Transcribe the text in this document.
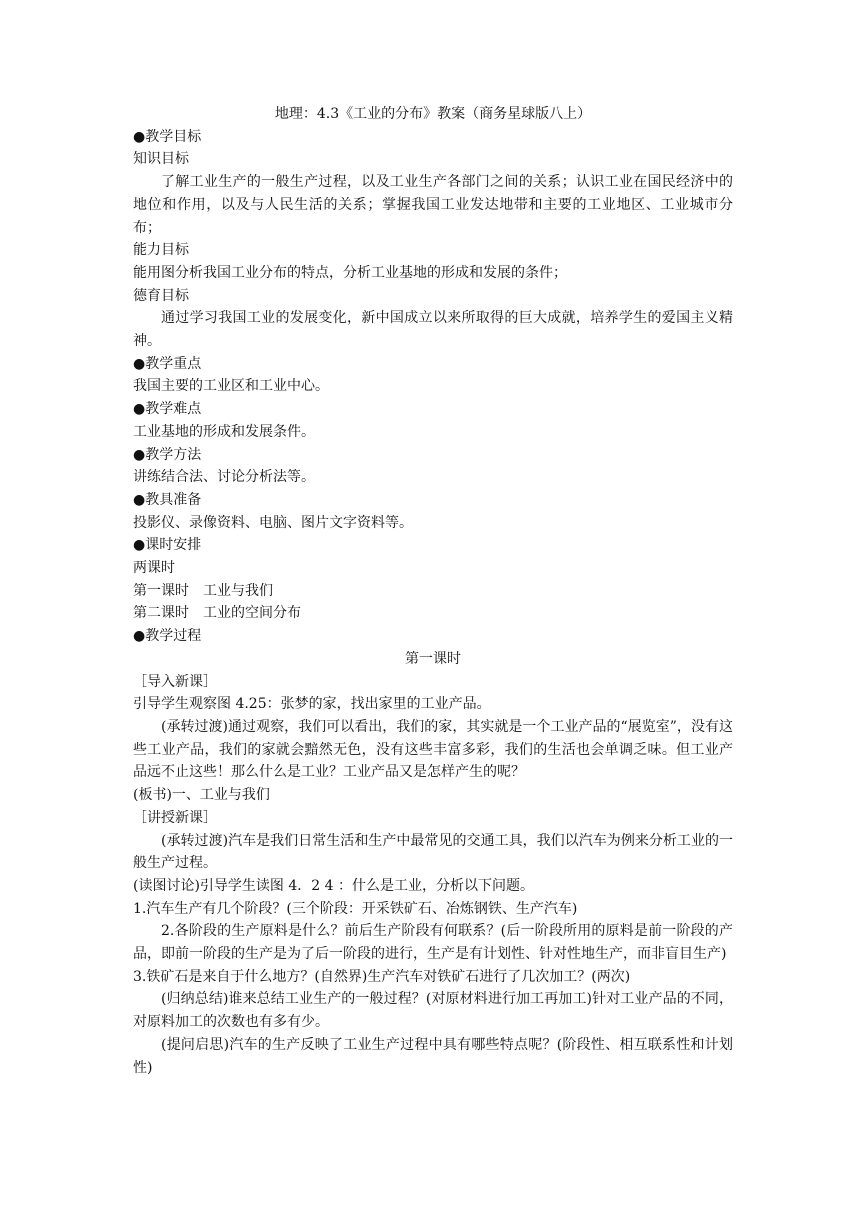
地理：4.3《工业的分布》教案（商务星球版八上）

●教学目标

知识目标

了解工业生产的一般生产过程，以及工业生产各部门之间的关系；认识工业在国民经济中的地位和作用，以及与人民生活的关系；掌握我国工业发达地带和主要的工业地区、工业城市分布；

能力目标

能用图分析我国工业分布的特点，分析工业基地的形成和发展的条件；

德育目标

通过学习我国工业的发展变化，新中国成立以来所取得的巨大成就，培养学生的爱国主义精神。

●教学重点

我国主要的工业区和工业中心。

●教学难点

工业基地的形成和发展条件。

●教学方法

讲练结合法、讨论分析法等。

●教具准备

投影仪、录像资料、电脑、图片文字资料等。

●课时安排

两课时

第一课时　工业与我们

第二课时　工业的空间分布

●教学过程

第一课时

［导入新课］

引导学生观察图 4.25：张梦的家，找出家里的工业产品。

(承转过渡)通过观察，我们可以看出，我们的家，其实就是一个工业产品的“展览室”，没有这些工业产品，我们的家就会黯然无色，没有这些丰富多彩，我们的生活也会单调乏味。但工业产品远不止这些！那么什么是工业？工业产品又是怎样产生的呢？

(板书)一、工业与我们

［讲授新课］

(承转过渡)汽车是我们日常生活和生产中最常见的交通工具，我们以汽车为例来分析工业的一般生产过程。

(读图讨论)引导学生读图 4．2 4 ：什么是工业，分析以下问题。

1.汽车生产有几个阶段？(三个阶段：开采铁矿石、冶炼钢铁、生产汽车)

2.各阶段的生产原料是什么？前后生产阶段有何联系？(后一阶段所用的原料是前一阶段的产品，即前一阶段的生产是为了后一阶段的进行，生产是有计划性、针对性地生产，而非盲目生产)

3.铁矿石是来自于什么地方？(自然界)生产汽车对铁矿石进行了几次加工？(两次)

(归纳总结)谁来总结工业生产的一般过程？(对原材料进行加工再加工)针对工业产品的不同，对原料加工的次数也有多有少。

(提问启思)汽车的生产反映了工业生产过程中具有哪些特点呢？(阶段性、相互联系性和计划性)
